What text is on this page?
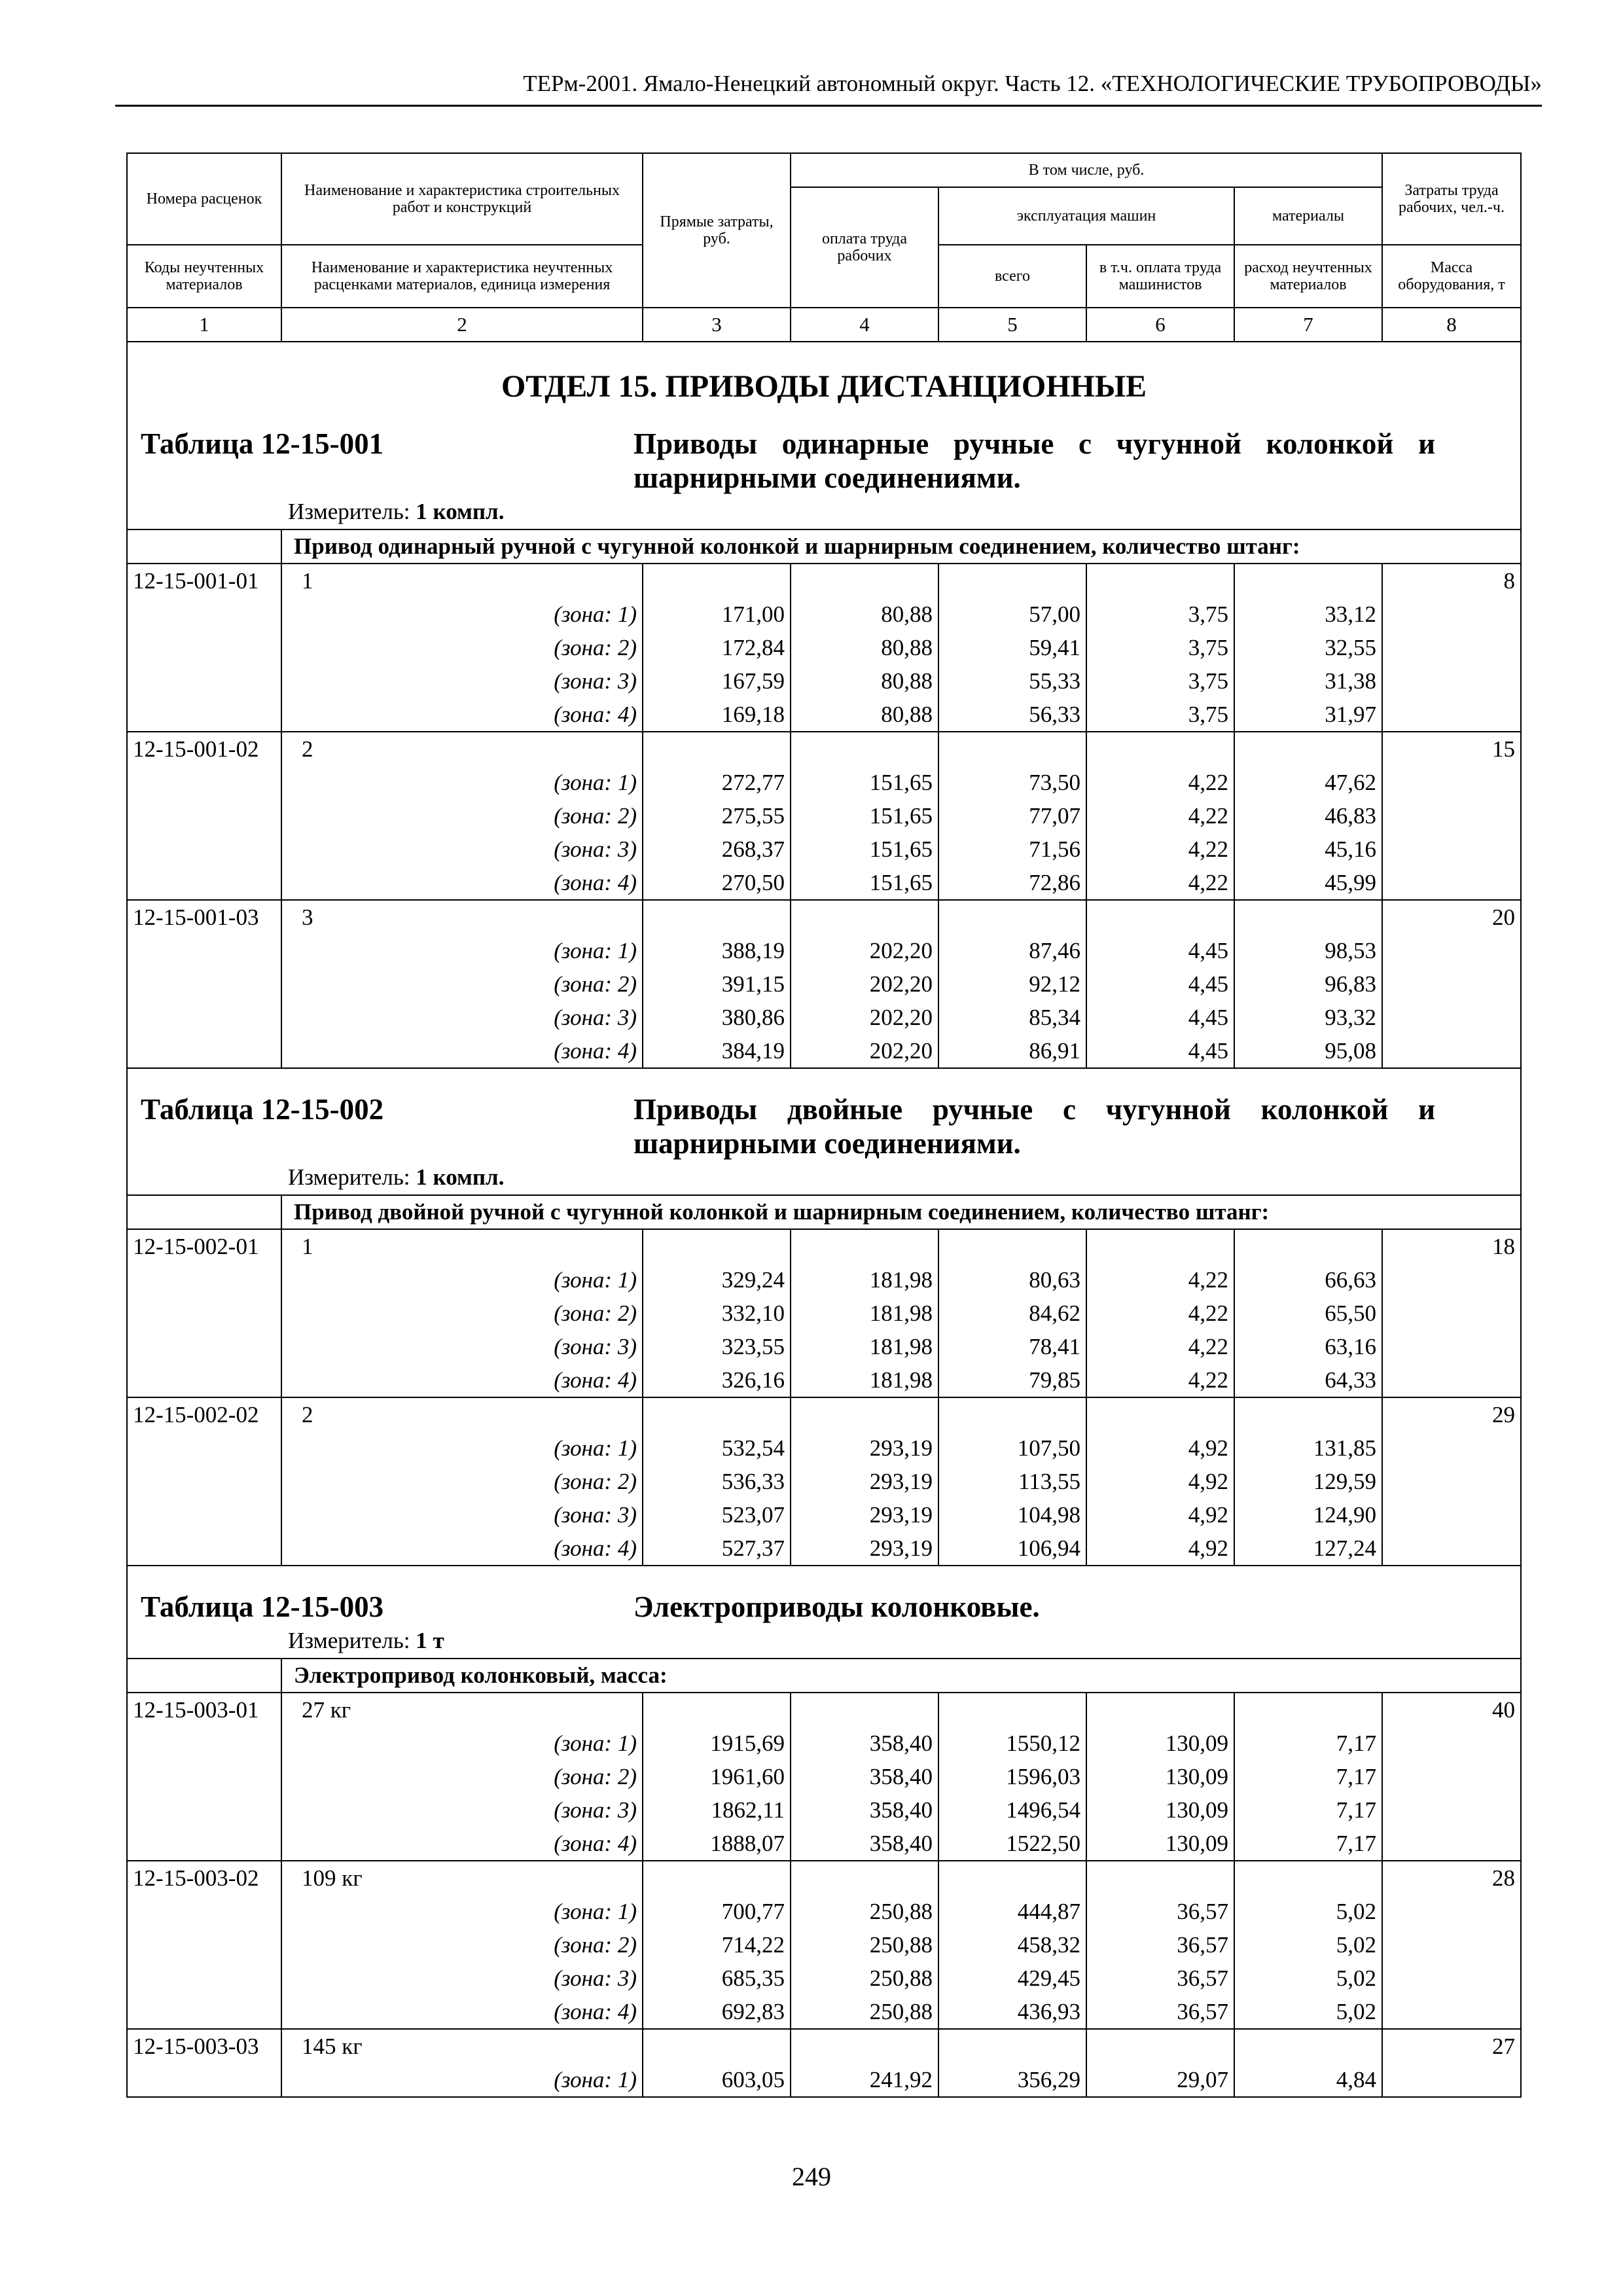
ТЕРм-2001. Ямало-Ненецкий автономный округ. Часть 12. «ТЕХНОЛОГИЧЕСКИЕ ТРУБОПРОВОДЫ»
Номера расценок	Наименование и характеристика строительных работ и конструкций	Прямые затраты, руб.	В том числе, руб.				Затраты труда рабочих, чел.-ч.
			оплата труда рабочих	эксплуатация машин		материалы	
Коды неучтенных материалов	Наименование и характеристика неучтенных расценками материалов, единица измерения			всего	в т.ч. оплата труда машинистов	расход неучтенных материалов	Масса оборудования, т
1	2	3	4	5	6	7	8

ОТДЕЛ 15. ПРИВОДЫ ДИСТАНЦИОННЫЕ
Таблица 12-15-001 Приводы одинарные ручные с чугунной колонкой и шарнирными соединениями.
Измеритель: 1 компл.							

	Привод одинарный ручной с чугунной колонкой и шарнирным соединением, количество штанг:						
12-15-001-01	1						8
	(зона: 1)	171,00	80,88	57,00	3,75	33,12	
	(зона: 2)	172,84	80,88	59,41	3,75	32,55	
	(зона: 3)	167,59	80,88	55,33	3,75	31,38	
	(зона: 4)	169,18	80,88	56,33	3,75	31,97	
12-15-001-02	2						15
	(зона: 1)	272,77	151,65	73,50	4,22	47,62	
	(зона: 2)	275,55	151,65	77,07	4,22	46,83	
	(зона: 3)	268,37	151,65	71,56	4,22	45,16	
	(зона: 4)	270,50	151,65	72,86	4,22	45,99	
12-15-001-03	3						20
	(зона: 1)	388,19	202,20	87,46	4,45	98,53	
	(зона: 2)	391,15	202,20	92,12	4,45	96,83	
	(зона: 3)	380,86	202,20	85,34	4,45	93,32	
	(зона: 4)	384,19	202,20	86,91	4,45	95,08	

Таблица 12-15-002 Приводы двойные ручные с чугунной колонкой и шарнирными соединениями.
Измеритель: 1 компл.							

	Привод двойной ручной с чугунной колонкой и шарнирным соединением, количество штанг:						
12-15-002-01	1						18
	(зона: 1)	329,24	181,98	80,63	4,22	66,63	
	(зона: 2)	332,10	181,98	84,62	4,22	65,50	
	(зона: 3)	323,55	181,98	78,41	4,22	63,16	
	(зона: 4)	326,16	181,98	79,85	4,22	64,33	
12-15-002-02	2						29
	(зона: 1)	532,54	293,19	107,50	4,92	131,85	
	(зона: 2)	536,33	293,19	113,55	4,92	129,59	
	(зона: 3)	523,07	293,19	104,98	4,92	124,90	
	(зона: 4)	527,37	293,19	106,94	4,92	127,24	

Таблица 12-15-003 Электроприводы колонковые.
Измеритель: 1 т							

	Электропривод колонковый, масса:						
12-15-003-01	27 кг						40
	(зона: 1)	1915,69	358,40	1550,12	130,09	7,17	
	(зона: 2)	1961,60	358,40	1596,03	130,09	7,17	
	(зона: 3)	1862,11	358,40	1496,54	130,09	7,17	
	(зона: 4)	1888,07	358,40	1522,50	130,09	7,17	
12-15-003-02	109 кг						28
	(зона: 1)	700,77	250,88	444,87	36,57	5,02	
	(зона: 2)	714,22	250,88	458,32	36,57	5,02	
	(зона: 3)	685,35	250,88	429,45	36,57	5,02	
	(зона: 4)	692,83	250,88	436,93	36,57	5,02	
12-15-003-03	145 кг						27
	(зона: 1)	603,05	241,92	356,29	29,07	4,84	
249
